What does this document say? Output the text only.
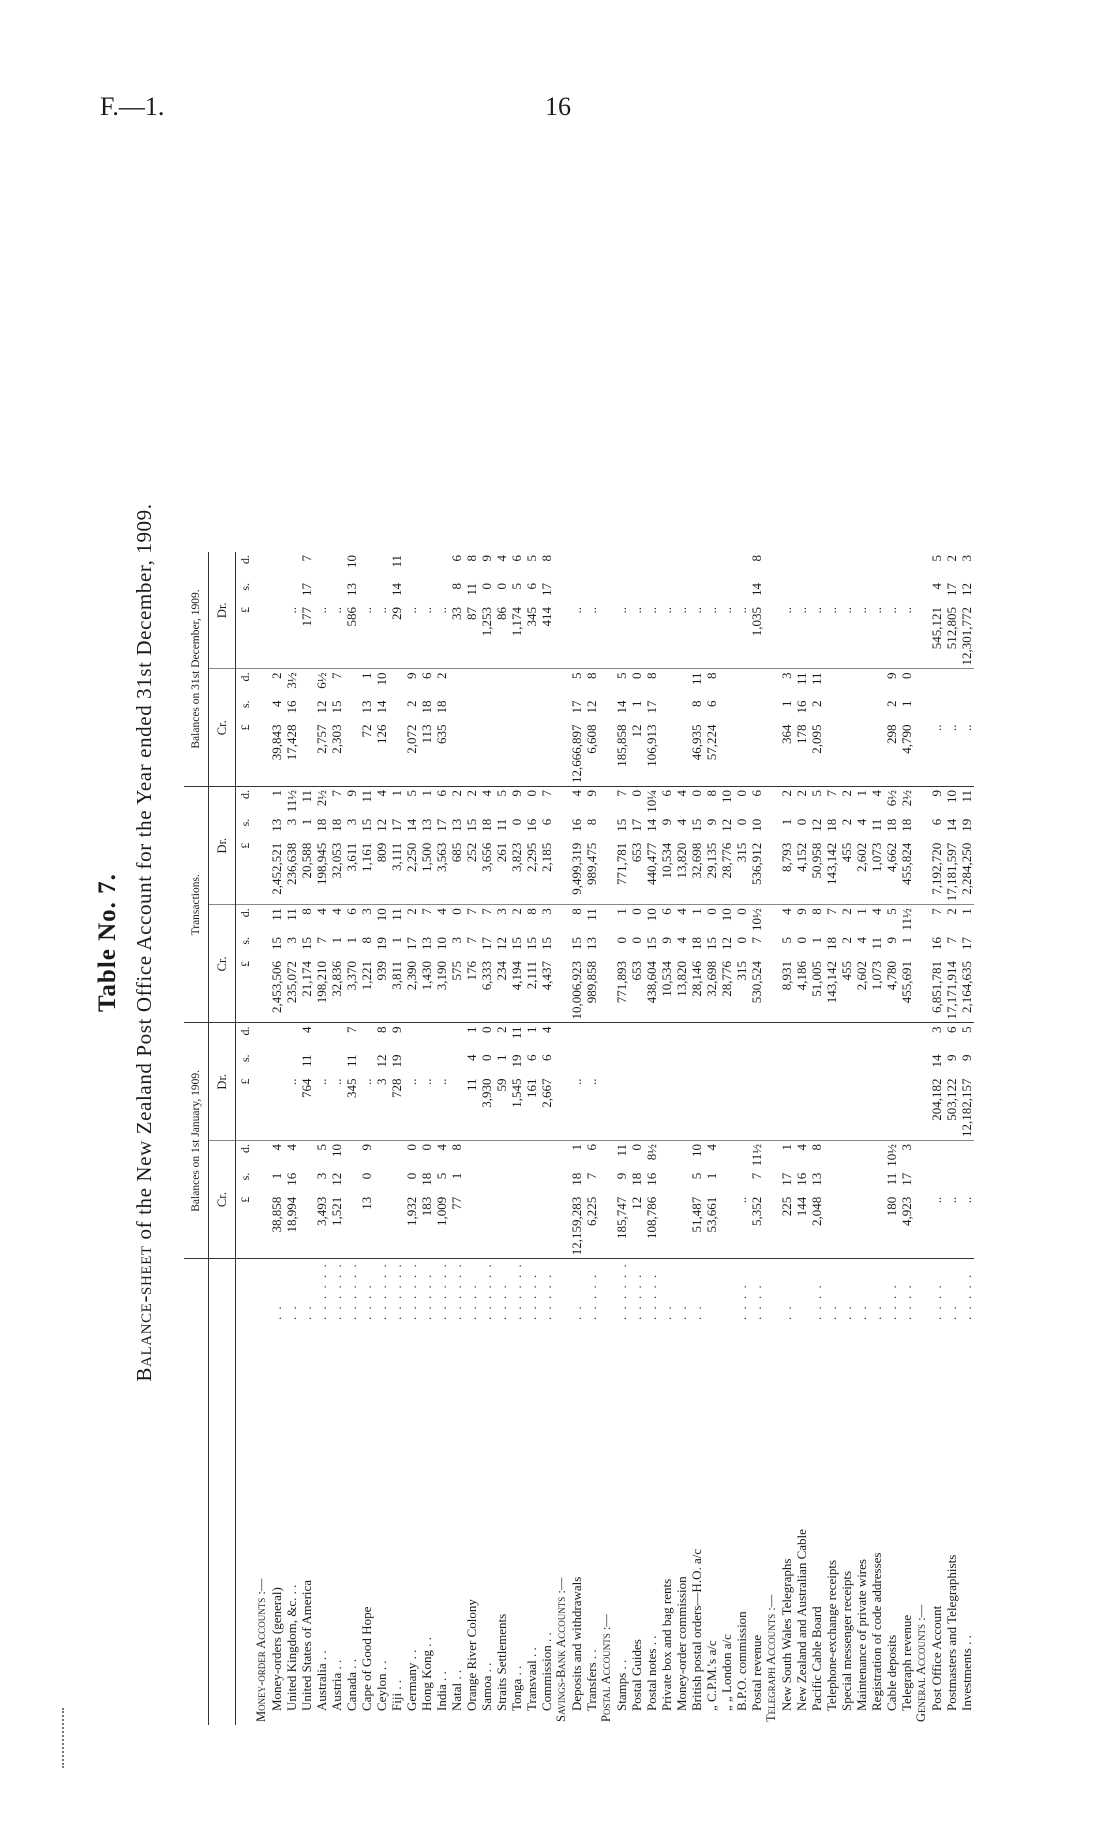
F.—1.	16
Table No. 7.
Balance-sheet of the New Zealand Post Office Account for the Year ended 31st December, 1909.
		Balances on 1st January, 1909.						Transactions.						Balances on 31st December, 1909.					
		Cr.			Dr.			Cr.			Dr.			Cr.			Dr.		
		£	s.	d.	£	s.	d.	£	s.	d.	£	s.	d.	£	s.	d.	£	s.	d.
Money-order Accounts :—																			
Money-orders (general)	. .	38,858	1	4				2,453,506	15	11	2,452,521	13	1	39,843	4	2			
United Kingdom, &c. . .	. .	18,994	16	4	..			235,072	3	11	236,638	3	11½	17,428	16	3½	..		
United States of America	. .				764	11	4	21,174	15	8	20,588	1	11				177	17	7
Australia . .	. . . . . .	3,493	3	5	..			198,210	7	4	198,945	18	2½	2,757	12	6½	..		
Austria . .	. . . . . .	1,521	12	10	..			32,836	1	4	32,053	18	7	2,303	15	7	..		
Canada . .	. . . . . .				345	11	7	3,370	1	6	3,611	3	9				586	13	10
Cape of Good Hope	. . . .	13	0	9	..			1,221	8	3	1,161	15	11	72	13	1	..		
Ceylon . .	. . . . . .				3	12	8	939	19	10	809	12	4	126	14	10	..		
Fiji . .	. . . . . .				728	19	9	3,811	1	11	3,111	17	1				29	14	11
Germany . .	. . . . . .	1,932	0	0	..			2,390	17	2	2,250	14	5	2,072	2	9	..		
Hong Kong . .	. . . . .	183	18	0	..			1,430	13	7	1,500	13	1	113	18	6	..		
India . .	. . . . . .	1,009	5	4	..			3,190	10	4	3,563	17	6	635	18	2	..		
Natal . .	. . . . . .	77	1	8				575	3	0	685	13	2				33	8	6
Orange River Colony	. . . .				11	4	1	176	7	7	252	15	2				87	11	8
Samoa . .	. . . . . .				3,930	0	0	6,333	17	7	3,656	18	4				1,253	0	9
Straits Settlements	. . . .				59	1	2	234	12	3	261	11	5				86	0	4
Tonga . .	. . . . . .				1,545	19	11	4,194	15	2	3,823	0	9				1,174	5	6
Transvaal . .	. . . . .				161	6	1	2,111	15	8	2,295	16	0				345	6	5
Commission . .	. . . . .				2,667	6	4	4,437	15	3	2,185	6	7				414	17	8
Savings-Bank Accounts :—																			
Deposits and withdrawals	. .	12,159,283	18	1	..			10,006,923	15	8	9,499,319	16	4	12,666,897	17	5	..		
Transfers . .	. . . . .	6,225	7	6	..			989,858	13	11	989,475	8	9	6,608	12	8	..		
Postal Accounts :—																			
Stamps . .	. . . . . .	185,747	9	11				771,893	0	1	771,781	15	7	185,858	14	5	..		
Postal Guides	. . . . .	12	18	0				653	0	0	653	17	0	12	1	0	..		
Postal notes . .	. . . . .	108,786	16	8½				438,604	15	10	440,477	14	10¼	106,913	17	8	..		
Private box and bag rents	. .							10,534	9	6	10,534	9	6				..		
Money-order commission	. .							13,820	4	4	13,820	4	4				..		
British postal orders—H.O. a/c	. .	51,487	5	10				28,146	18	1	32,698	15	0	46,935	8	11	..		
„ C.P.M.'s a/c		53,661	1	4				32,698	15	0	29,135	9	8	57,224	6	8	..		
„ „ London a/c								28,776	12	10	28,776	12	10				..		
B.P.O. commission	. . . .	..						315	0	0	315	0	0				..		
Postal revenue	. . . .	5,352	7	11½				530,524	7	10½	536,912	10	6				1,035	14	8
Telegraph Accounts :—																			
New South Wales Telegraphs	. .	225	17	1				8,931	5	4	8,793	1	2	364	1	3	..		
New Zealand and Australian Cable		144	16	4				4,186	0	9	4,152	0	2	178	16	11	..		
Pacific Cable Board	. . . .	2,048	13	8				51,005	1	8	50,958	12	5	2,095	2	11	..		
Telephone-exchange receipts	. .							143,142	18	7	143,142	18	7				..		
Special messenger receipts	. .							455	2	2	455	2	2				..		
Maintenance of private wires	. .							2,602	4	1	2,602	4	1				..		
Registration of code addresses	. .							1,073	11	4	1,073	11	4				..		
Cable deposits	. . . .	180	11	10½				4,780	9	5	4,662	18	6½	298	2	9	..		
Telegraph revenue	. . . .	4,923	17	3				455,691	1	11½	455,824	18	2½	4,790	1	0	..		
General Accounts :—																			
Post Office Account	. . . .	..			204,182	14	3	6,851,781	16	7	7,192,720	6	9	..			545,121	4	5
Postmasters and Telegraphists	. .	..			503,122	9	6	17,171,914	7	2	17,181,597	14	10	..			512,805	17	2
Investments . .	. . . . .	..			12,182,157	9	5	2,164,635	17	1	2,284,250	19	11	..			12,301,772	12	3
